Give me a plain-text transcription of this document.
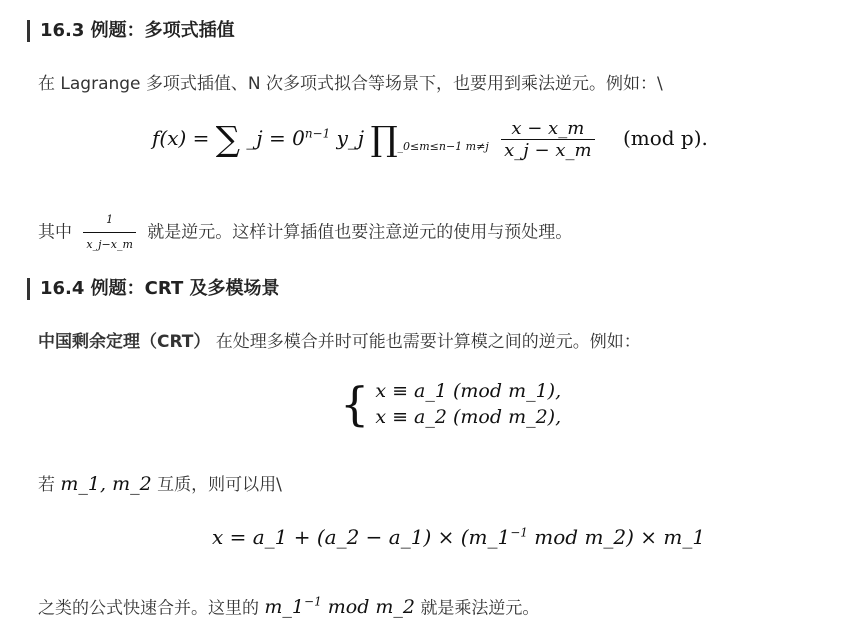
16.3 例题：多项式插值
在 Lagrange 多项式插值、N 次多项式拟合等场景下，也要用到乘法逆元。例如：\
f(x) = ∑ _j = $0^{n-1}$ y_j $\prod_{\_0\le m\le n-1 m\ne j} \frac{x - x\_m}{x\_j - x\_m} (mod$ p).
其中 $\frac{1}{x\_j-x\_m}$ 就是逆元。这样计算插值也要注意逆元的使用与预处理。
16.4 例题：CRT 及多模场景
中国剩余定理（CRT） 在处理多模合并时可能也需要计算模之间的逆元。例如：
{ x ≡ a_1 (mod m_1),
x ≡ a_2 (mod m_2),
若 m_1, m_2 互质，则可以用\
x = a_1 + (a_2 − a_1) × ($m\_1^{-1}$ mod m_2) × m_1
之类的公式快速合并。这里的 $m\_1^{-1}$ mod m_2 就是乘法逆元。
